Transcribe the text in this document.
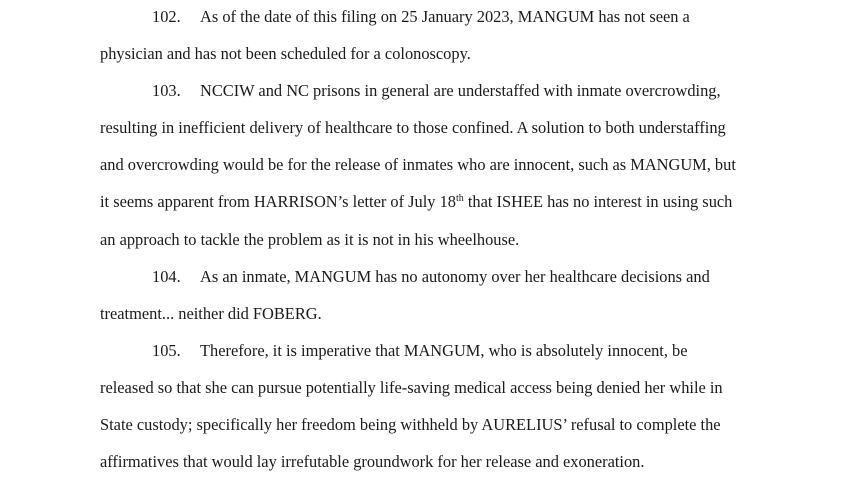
102. As of the date of this filing on 25 January 2023, MANGUM has not seen a
physician and has not been scheduled for a colonoscopy.
103. NCCIW and NC prisons in general are understaffed with inmate overcrowding,
resulting in inefficient delivery of healthcare to those confined. A solution to both understaffing
and overcrowding would be for the release of inmates who are innocent, such as MANGUM, but
it seems apparent from HARRISON’s letter of July 18th that ISHEE has no interest in using such
an approach to tackle the problem as it is not in his wheelhouse.
104. As an inmate, MANGUM has no autonomy over her healthcare decisions and
treatment... neither did FOBERG.
105. Therefore, it is imperative that MANGUM, who is absolutely innocent, be
released so that she can pursue potentially life-saving medical access being denied her while in
State custody; specifically her freedom being withheld by AURELIUS’ refusal to complete the
affirmatives that would lay irrefutable groundwork for her release and exoneration.
